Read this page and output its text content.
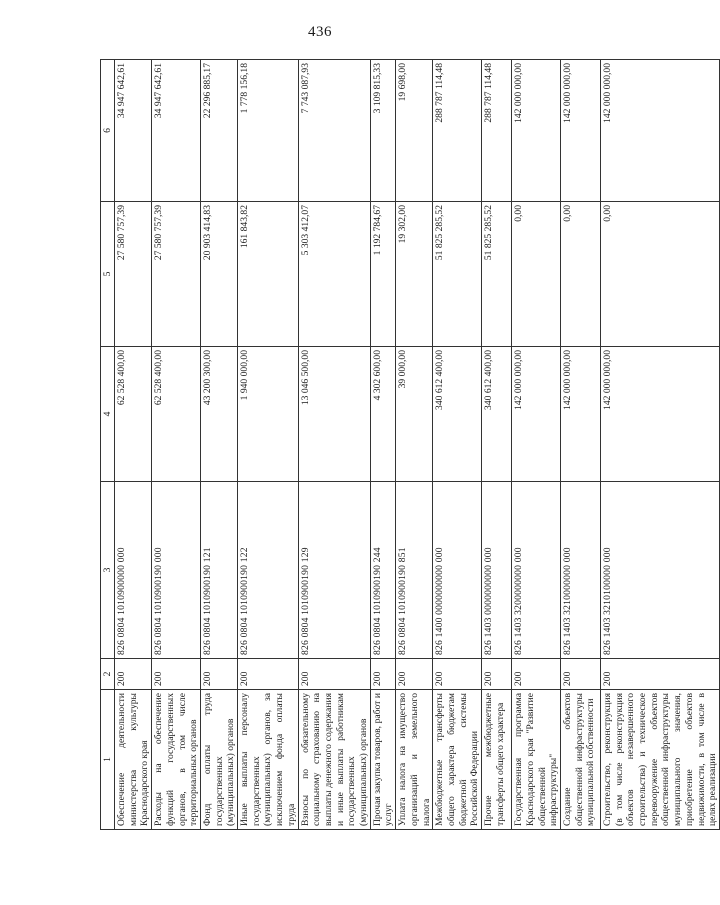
436
1	2	3	4	5	6
Обеспечение деятельности министерства культуры Краснодарского края	200	826 0804 1010900000 000	62 528 400,00	27 580 757,39	34 947 642,61
Расходы на обеспечение функций государственных органов, в том числе территориальных органов	200	826 0804 1010900190 000	62 528 400,00	27 580 757,39	34 947 642,61
Фонд оплаты труда государственных (муниципальных) органов	200	826 0804 1010900190 121	43 200 300,00	20 903 414,83	22 296 885,17
Иные выплаты персоналу государственных (муниципальных) органов, за исключением фонда оплаты труда	200	826 0804 1010900190 122	1 940 000,00	161 843,82	1 778 156,18
Взносы по обязательному социальному страхованию на выплаты денежного содержания и иные выплаты работникам государственных (муниципальных) органов	200	826 0804 1010900190 129	13 046 500,00	5 303 412,07	7 743 087,93
Прочая закупка товаров, работ и услуг	200	826 0804 1010900190 244	4 302 600,00	1 192 784,67	3 109 815,33
Уплата налога на имущество организаций и земельного налога	200	826 0804 1010900190 851	39 000,00	19 302,00	19 698,00
Межбюджетные трансферты общего характера бюджетам бюджетной системы Российской Федерации	200	826 1400 0000000000 000	340 612 400,00	51 825 285,52	288 787 114,48
Прочие межбюджетные трансферты общего характера	200	826 1403 0000000000 000	340 612 400,00	51 825 285,52	288 787 114,48
Государственная программа Краснодарского края "Развитие общественной инфраструктуры"	200	826 1403 3200000000 000	142 000 000,00	0,00	142 000 000,00
Создание объектов общественной инфраструктуры муниципальной собственности	200	826 1403 3210000000 000	142 000 000,00	0,00	142 000 000,00
Строительство, реконструкция (в том числе реконструкция объектов незавершенного строительства) и техническое перевооружение объектов общественной инфраструктуры муниципального значения, приобретение объектов недвижимости, в том числе в целях реализации	200	826 1403 3210100000 000	142 000 000,00	0,00	142 000 000,00
